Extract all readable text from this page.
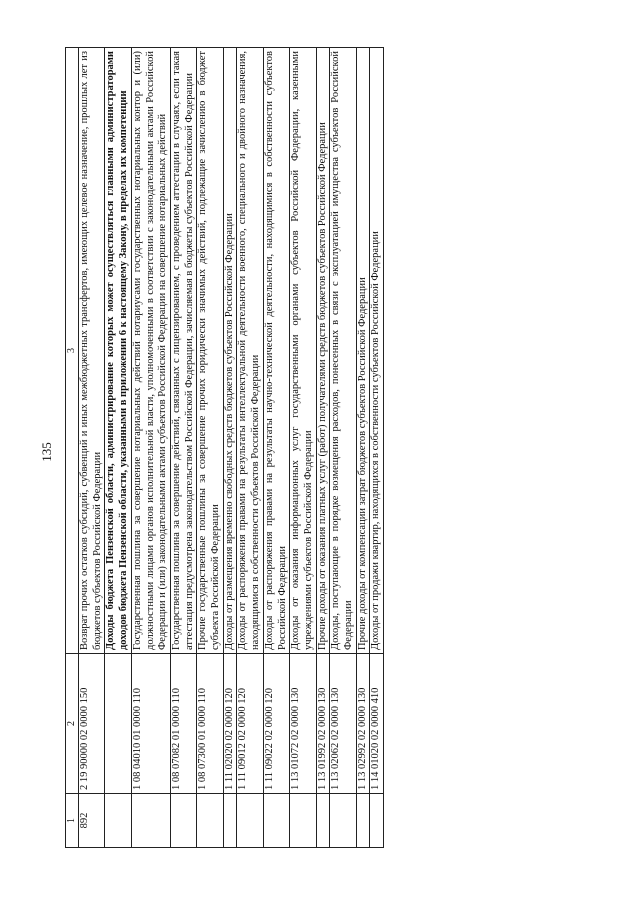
135
1	2	3
892	2 19 90000 02 0000 150	Возврат прочих остатков субсидий, субвенций и иных межбюджетных трансфертов, имеющих целевое назначение, прошлых лет из бюджетов субъектов Российской Федерации
		Доходы бюджета Пензенской области, администрирование которых может осуществляться главными администраторами доходов бюджета Пензенской области, указанными в приложении 6 к настоящему Закону, в пределах их компетенции
	1 08 04010 01 0000 110	Государственная пошлина за совершение нотариальных действий нотариусами государственных нотариальных контор и (или) должностными лицами органов исполнительной власти, уполномоченными в соответствии с законодательными актами Российской Федерации и (или) законодательными актами субъектов Российской Федерации на совершение нотариальных действий
	1 08 07082 01 0000 110	Государственная пошлина за совершение действий, связанных с лицензированием, с проведением аттестации в случаях, если такая аттестация предусмотрена законодательством Российской Федерации, зачисляемая в бюджеты субъектов Российской Федерации
	1 08 07300 01 0000 110	Прочие государственные пошлины за совершение прочих юридически значимых действий, подлежащие зачислению в бюджет субъекта Российской Федерации
	1 11 02020 02 0000 120	Доходы от размещения временно свободных средств бюджетов субъектов Российской Федерации
	1 11 09012 02 0000 120	Доходы от распоряжения правами на результаты интеллектуальной деятельности военного, специального и двойного назначения, находящимися в собственности субъектов Российской Федерации
	1 11 09022 02 0000 120	Доходы от распоряжения правами на результаты научно-технической деятельности, находящимися в собственности субъектов Российской Федерации
	1 13 01072 02 0000 130	Доходы от оказания информационных услуг государственными органами субъектов Российской Федерации, казенными учреждениями субъектов Российской Федерации
	1 13 01992 02 0000 130	Прочие доходы от оказания платных услуг (работ) получателями средств бюджетов субъектов Российской Федерации
	1 13 02062 02 0000 130	Доходы, поступающие в порядке возмещения расходов, понесенных в связи с эксплуатацией имущества субъектов Российской Федерации
	1 13 02992 02 0000 130	Прочие доходы от компенсации затрат бюджетов субъектов Российской Федерации
	1 14 01020 02 0000 410	Доходы от продажи квартир, находящихся в собственности субъектов Российской Федерации
